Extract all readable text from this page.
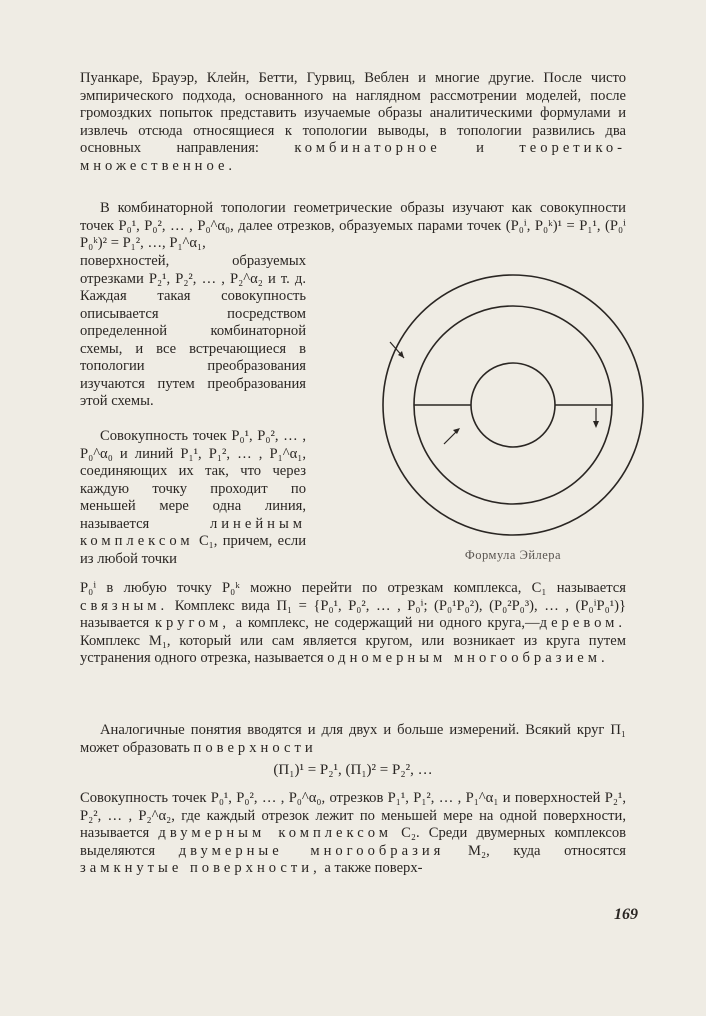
Пуанкаре, Брауэр, Клейн, Бетти, Гурвиц, Веблен и многие другие. После чисто эмпирического подхода, основанного на наглядном рассмотрении моделей, после громоздких попыток представить изучаемые образы аналитическими формулами и извлечь отсюда относящиеся к топологии выводы, в топологии развились два основных направления: комбинаторное и теоретико-множественное.

В комбинаторной топологии геометрические образы изучают как совокупности точек P₀¹, P₀², … , P₀^α₀, далее отрезков, образуемых парами точек (P₀ⁱ, P₀ᵏ)¹ = P₁¹, (P₀ⁱ P₀ᵏ)² = P₁², …, P₁^α₁,

поверхностей, образуемых отрезками P₂¹, P₂², … , P₂^α₂ и т. д. Каждая такая совокупность описывается посредством определенной комбинаторной схемы, и все встречающиеся в топологии преобразования изучаются путем преобразования этой схемы.

Совокупность точек P₀¹, P₀², … , P₀^α₀ и линий P₁¹, P₁², … , P₁^α₁, соединяющих их так, что через каждую точку проходит по меньшей мере одна линия, называется	линейным комплексом C₁, причем, если из любой точки	Формула Эйлера

P₀ⁱ в любую точку P₀ᵏ можно перейти по отрезкам комплекса, C₁ называется связным. Комплекс вида Π₁ = {P₀¹, P₀², … , P₀ⁱ; (P₀¹P₀²), (P₀²P₀³), … , (P₀ⁱP₀¹)} называется кругом, а комплекс, не содержащий ни одного круга,—деревом. Комплекс M₁, который или сам является кругом, или возникает из круга путем устранения одного отрезка, называется одномерным многообразием.

Аналогичные понятия вводятся и для двух и больше измерений. Всякий круг Π₁ может образовать поверхности

(Π₁)¹ = P₂¹, (Π₁)² = P₂², …

Совокупность точек P₀¹, P₀², … , P₀^α₀, отрезков P₁¹, P₁², … , P₁^α₁ и поверхностей P₂¹, P₂², … , P₂^α₂, где каждый отрезок лежит по меньшей мере на одной поверхности, называется двумерным комплексом C₂. Среди двумерных комплексов выделяются двумерные многообразия M₂, куда относятся замкнутые поверхности, а также поверх-

169
